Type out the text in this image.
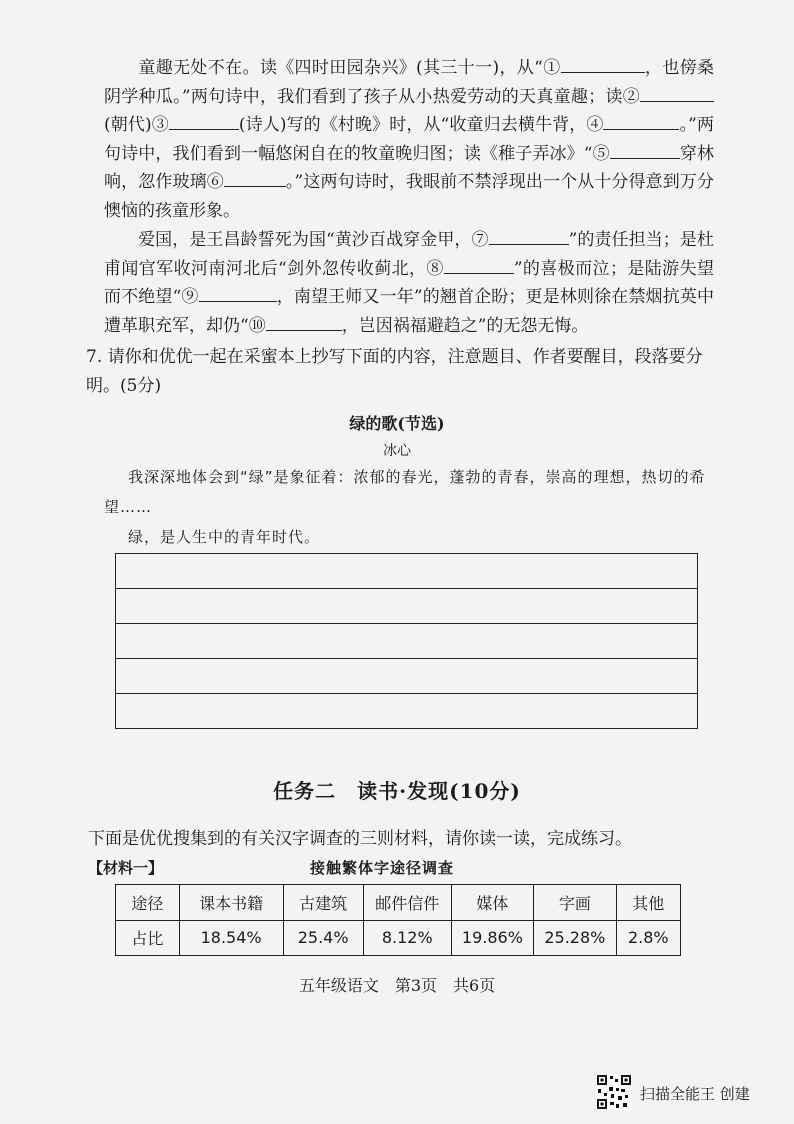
童趣无处不在。读《四时田园杂兴》(其三十一)，从“①	，也傍桑阴学种瓜。”两句诗中，我们看到了孩子从小热爱劳动的天真童趣；读②(朝代)③	(诗人)写的《村晚》时，从“收童归去横牛背，④	。”两句诗中，我们看到一幅悠闲自在的牧童晚归图；读《稚子弄冰》“⑤	穿林响，忽作玻璃⑥	。”这两句诗时，我眼前不禁浮现出一个从十分得意到万分懊恼的孩童形象。
爱国，是王昌龄誓死为国“黄沙百战穿金甲，⑦	”的责任担当；是杜甫闻官军收河南河北后“剑外忽传收蓟北，⑧	”的喜极而泣；是陆游失望而不绝望“⑨	，南望王师又一年”的翘首企盼；更是林则徐在禁烟抗英中遭革职充军，却仍“⑩	，岂因祸福避趋之”的无怨无悔。
7. 请你和优优一起在采蜜本上抄写下面的内容，注意题目、作者要醒目，段落要分明。(5分)
绿的歌(节选)
冰心
我深深地体会到“绿”是象征着：浓郁的春光，蓬勃的青春，崇高的理想，热切的希望……
绿，是人生中的青年时代。
任务二　读书·发现(10分)
下面是优优搜集到的有关汉字调查的三则材料，请你读一读，完成练习。
【材料一】	接触繁体字途径调查
途径	课本书籍	古建筑	邮件信件	媒体	字画	其他
占比	18.54%	25.4%	8.12%	19.86%	25.28%	2.8%
五年级语文　第3页　共6页
扫描全能王 创建
